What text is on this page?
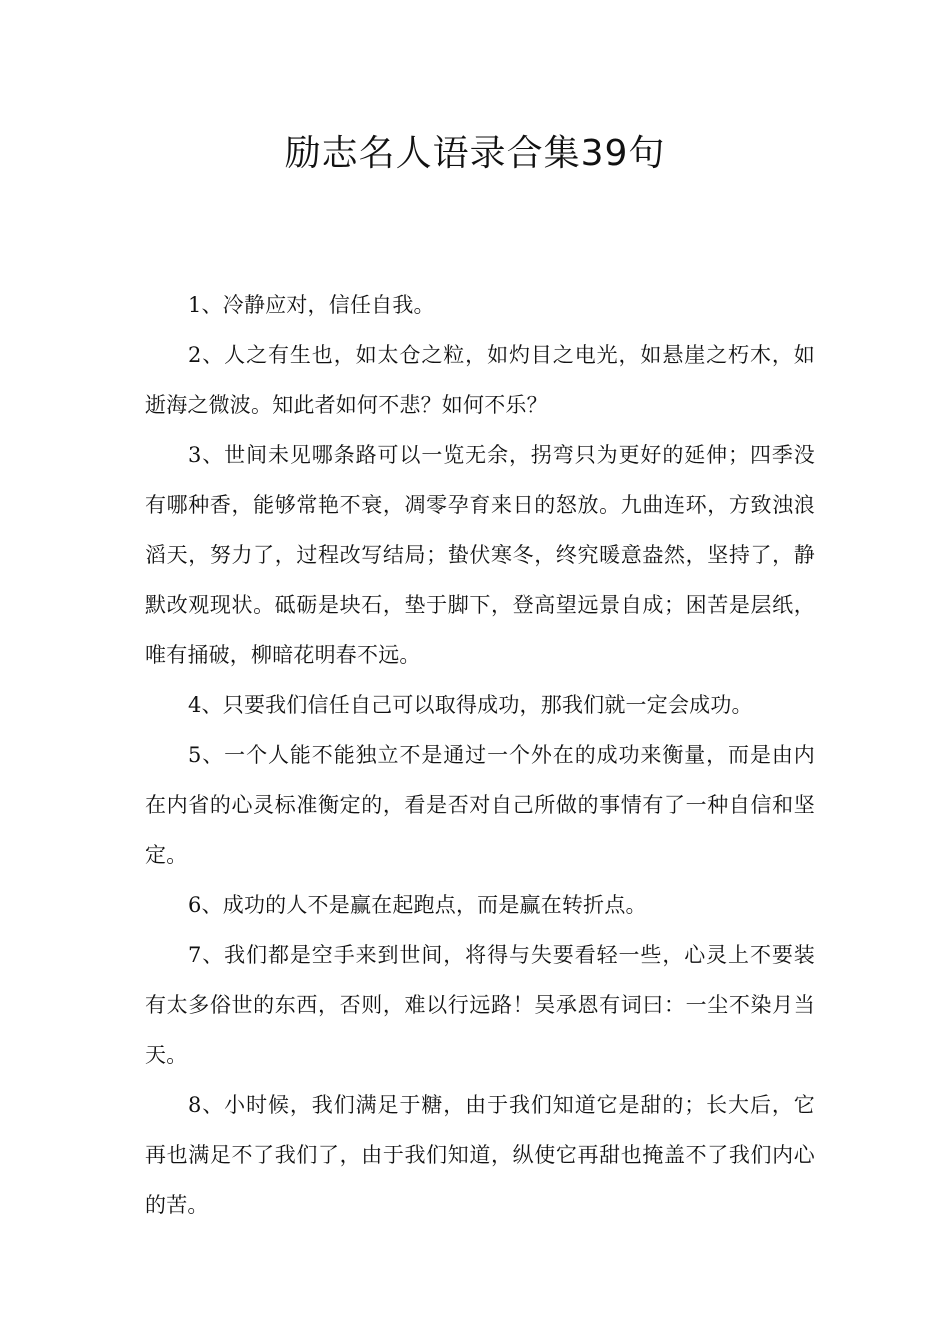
励志名人语录合集39句

1、冷静应对，信任自我。

2、人之有生也，如太仓之粒，如灼目之电光，如悬崖之朽木，如逝海之微波。知此者如何不悲？如何不乐？

3、世间未见哪条路可以一览无余，拐弯只为更好的延伸；四季没有哪种香，能够常艳不衰，凋零孕育来日的怒放。九曲连环，方致浊浪滔天，努力了，过程改写结局；蛰伏寒冬，终究暖意盎然，坚持了，静默改观现状。砥砺是块石，垫于脚下，登高望远景自成；困苦是层纸，唯有捅破，柳暗花明春不远。

4、只要我们信任自己可以取得成功，那我们就一定会成功。

5、一个人能不能独立不是通过一个外在的成功来衡量，而是由内在内省的心灵标准衡定的，看是否对自己所做的事情有了一种自信和坚定。

6、成功的人不是赢在起跑点，而是赢在转折点。

7、我们都是空手来到世间，将得与失要看轻一些，心灵上不要装有太多俗世的东西，否则，难以行远路！吴承恩有词曰：一尘不染月当天。

8、小时候，我们满足于糖，由于我们知道它是甜的；长大后，它再也满足不了我们了，由于我们知道，纵使它再甜也掩盖不了我们内心的苦。
